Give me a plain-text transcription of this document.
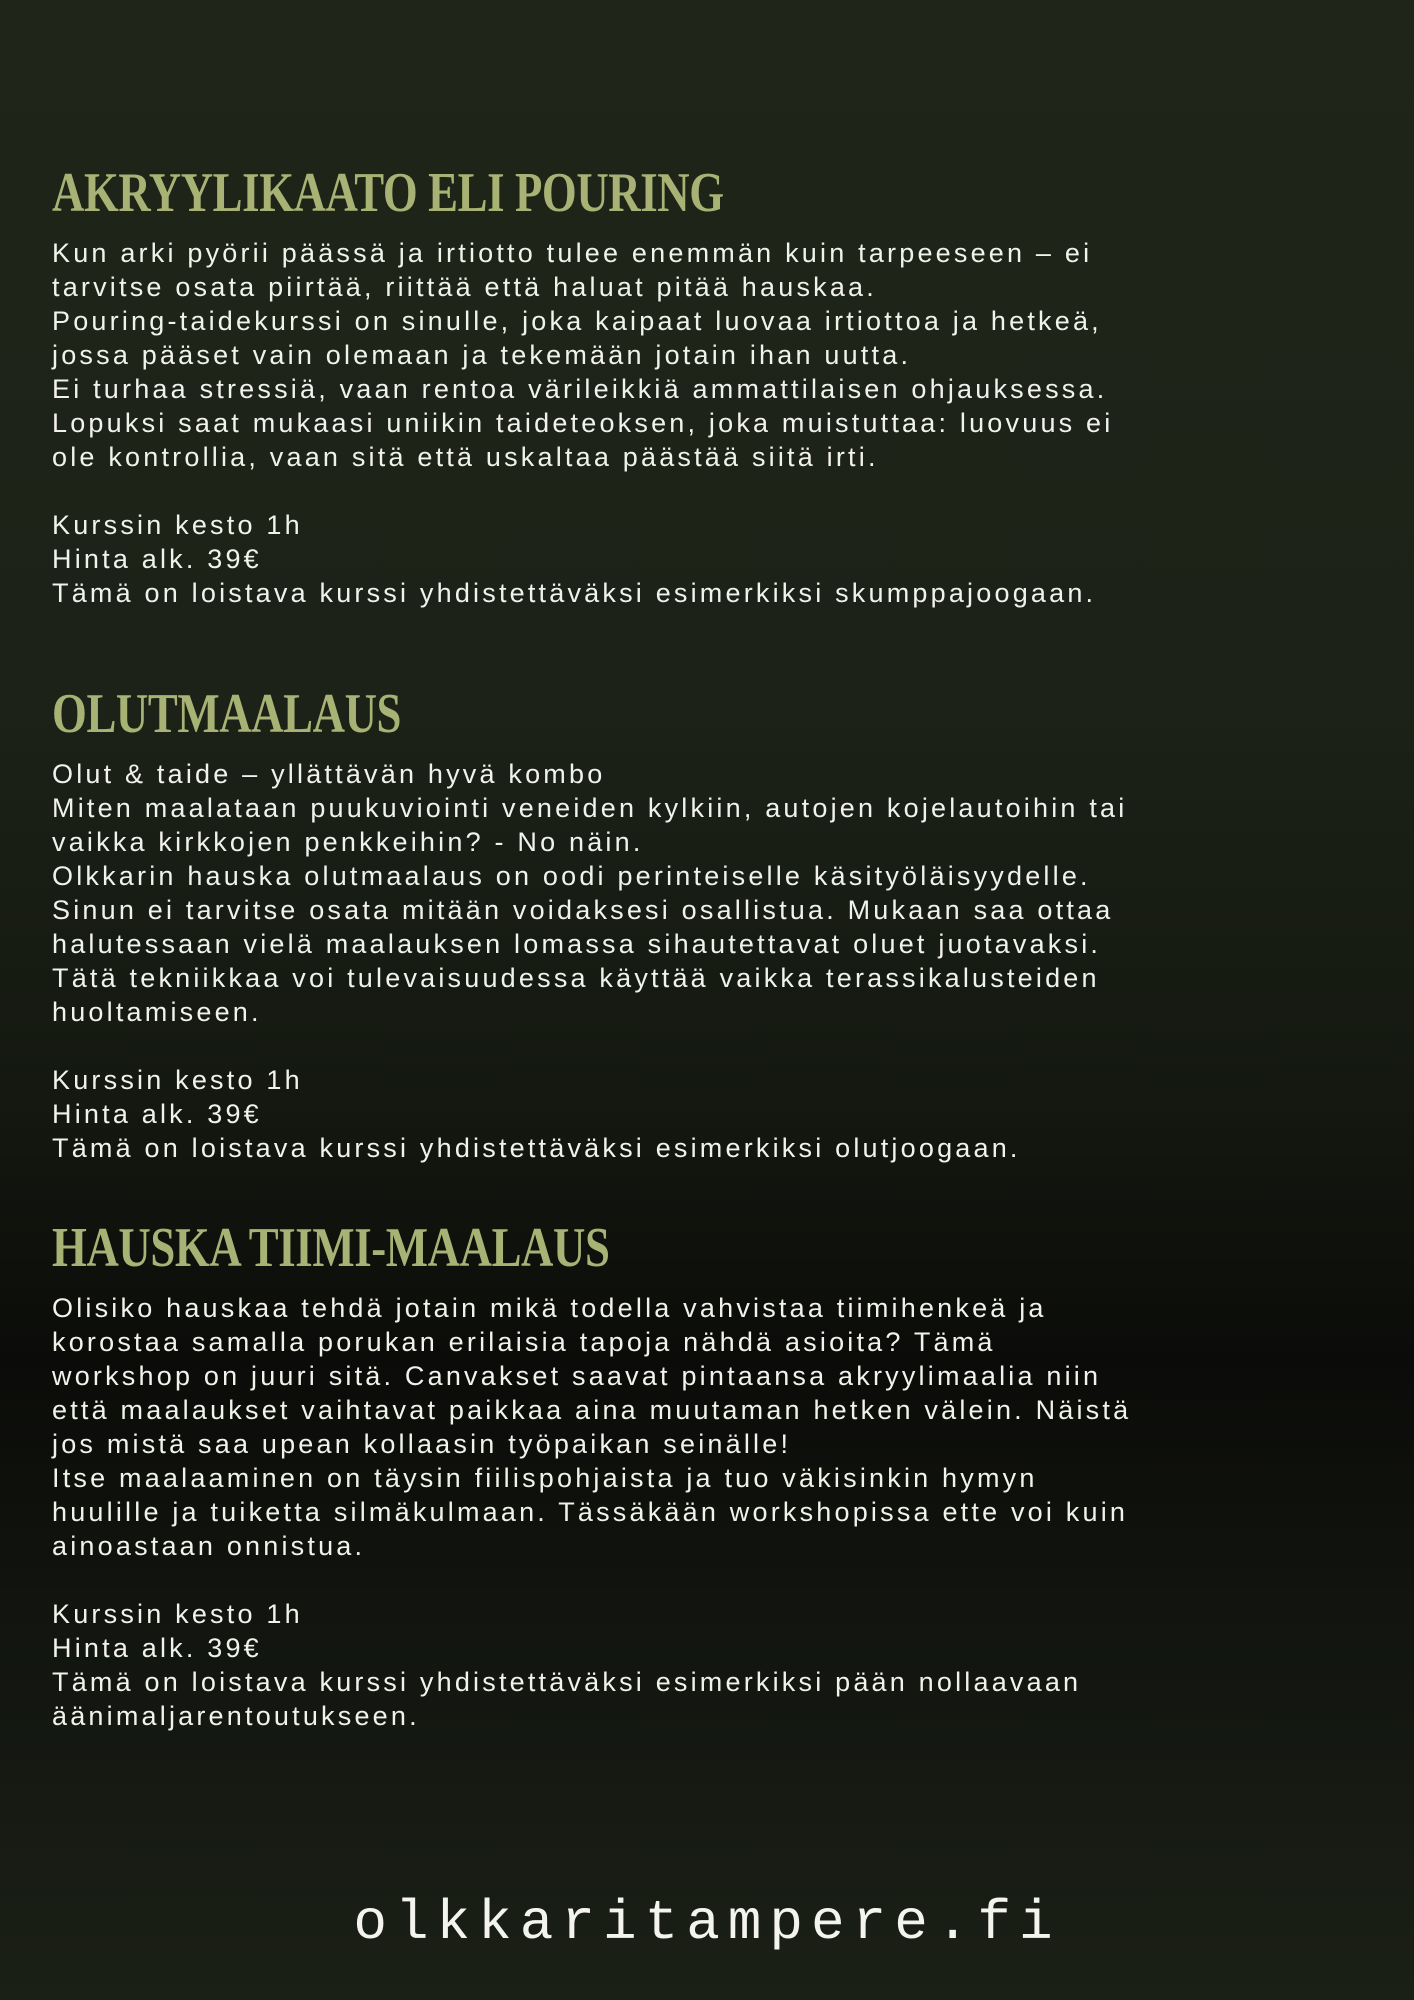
AKRYYLIKAATO ELI POURING
Kun arki pyörii päässä ja irtiotto tulee enemmän kuin tarpeeseen – ei
tarvitse osata piirtää, riittää että haluat pitää hauskaa.
Pouring-taidekurssi on sinulle, joka kaipaat luovaa irtiottoa ja hetkeä,
jossa pääset vain olemaan ja tekemään jotain ihan uutta.
Ei turhaa stressiä, vaan rentoa värileikkiä ammattilaisen ohjauksessa.
Lopuksi saat mukaasi uniikin taideteoksen, joka muistuttaa: luovuus ei
ole kontrollia, vaan sitä että uskaltaa päästää siitä irti.
Kurssin kesto 1h
Hinta alk. 39€
Tämä on loistava kurssi yhdistettäväksi esimerkiksi skumppajoogaan.
OLUTMAALAUS
Olut & taide – yllättävän hyvä kombo
Miten maalataan puukuviointi veneiden kylkiin, autojen kojelautoihin tai
vaikka kirkkojen penkkeihin? - No näin.
Olkkarin hauska olutmaalaus on oodi perinteiselle käsityöläisyydelle.
Sinun ei tarvitse osata mitään voidaksesi osallistua. Mukaan saa ottaa
halutessaan vielä maalauksen lomassa sihautettavat oluet juotavaksi.
Tätä tekniikkaa voi tulevaisuudessa käyttää vaikka terassikalusteiden
huoltamiseen.
Kurssin kesto 1h
Hinta alk. 39€
Tämä on loistava kurssi yhdistettäväksi esimerkiksi olutjoogaan.
HAUSKA TIIMI-MAALAUS
Olisiko hauskaa tehdä jotain mikä todella vahvistaa tiimihenkeä ja
korostaa samalla porukan erilaisia tapoja nähdä asioita? Tämä
workshop on juuri sitä. Canvakset saavat pintaansa akryylimaalia niin
että maalaukset vaihtavat paikkaa aina muutaman hetken välein. Näistä
jos mistä saa upean kollaasin työpaikan seinälle!
Itse maalaaminen on täysin fiilispohjaista ja tuo väkisinkin hymyn
huulille ja tuiketta silmäkulmaan. Tässäkään workshopissa ette voi kuin
ainoastaan onnistua.
Kurssin kesto 1h
Hinta alk. 39€
Tämä on loistava kurssi yhdistettäväksi esimerkiksi pään nollaavaan
äänimaljarentoutukseen.
olkkaritampere.fi
